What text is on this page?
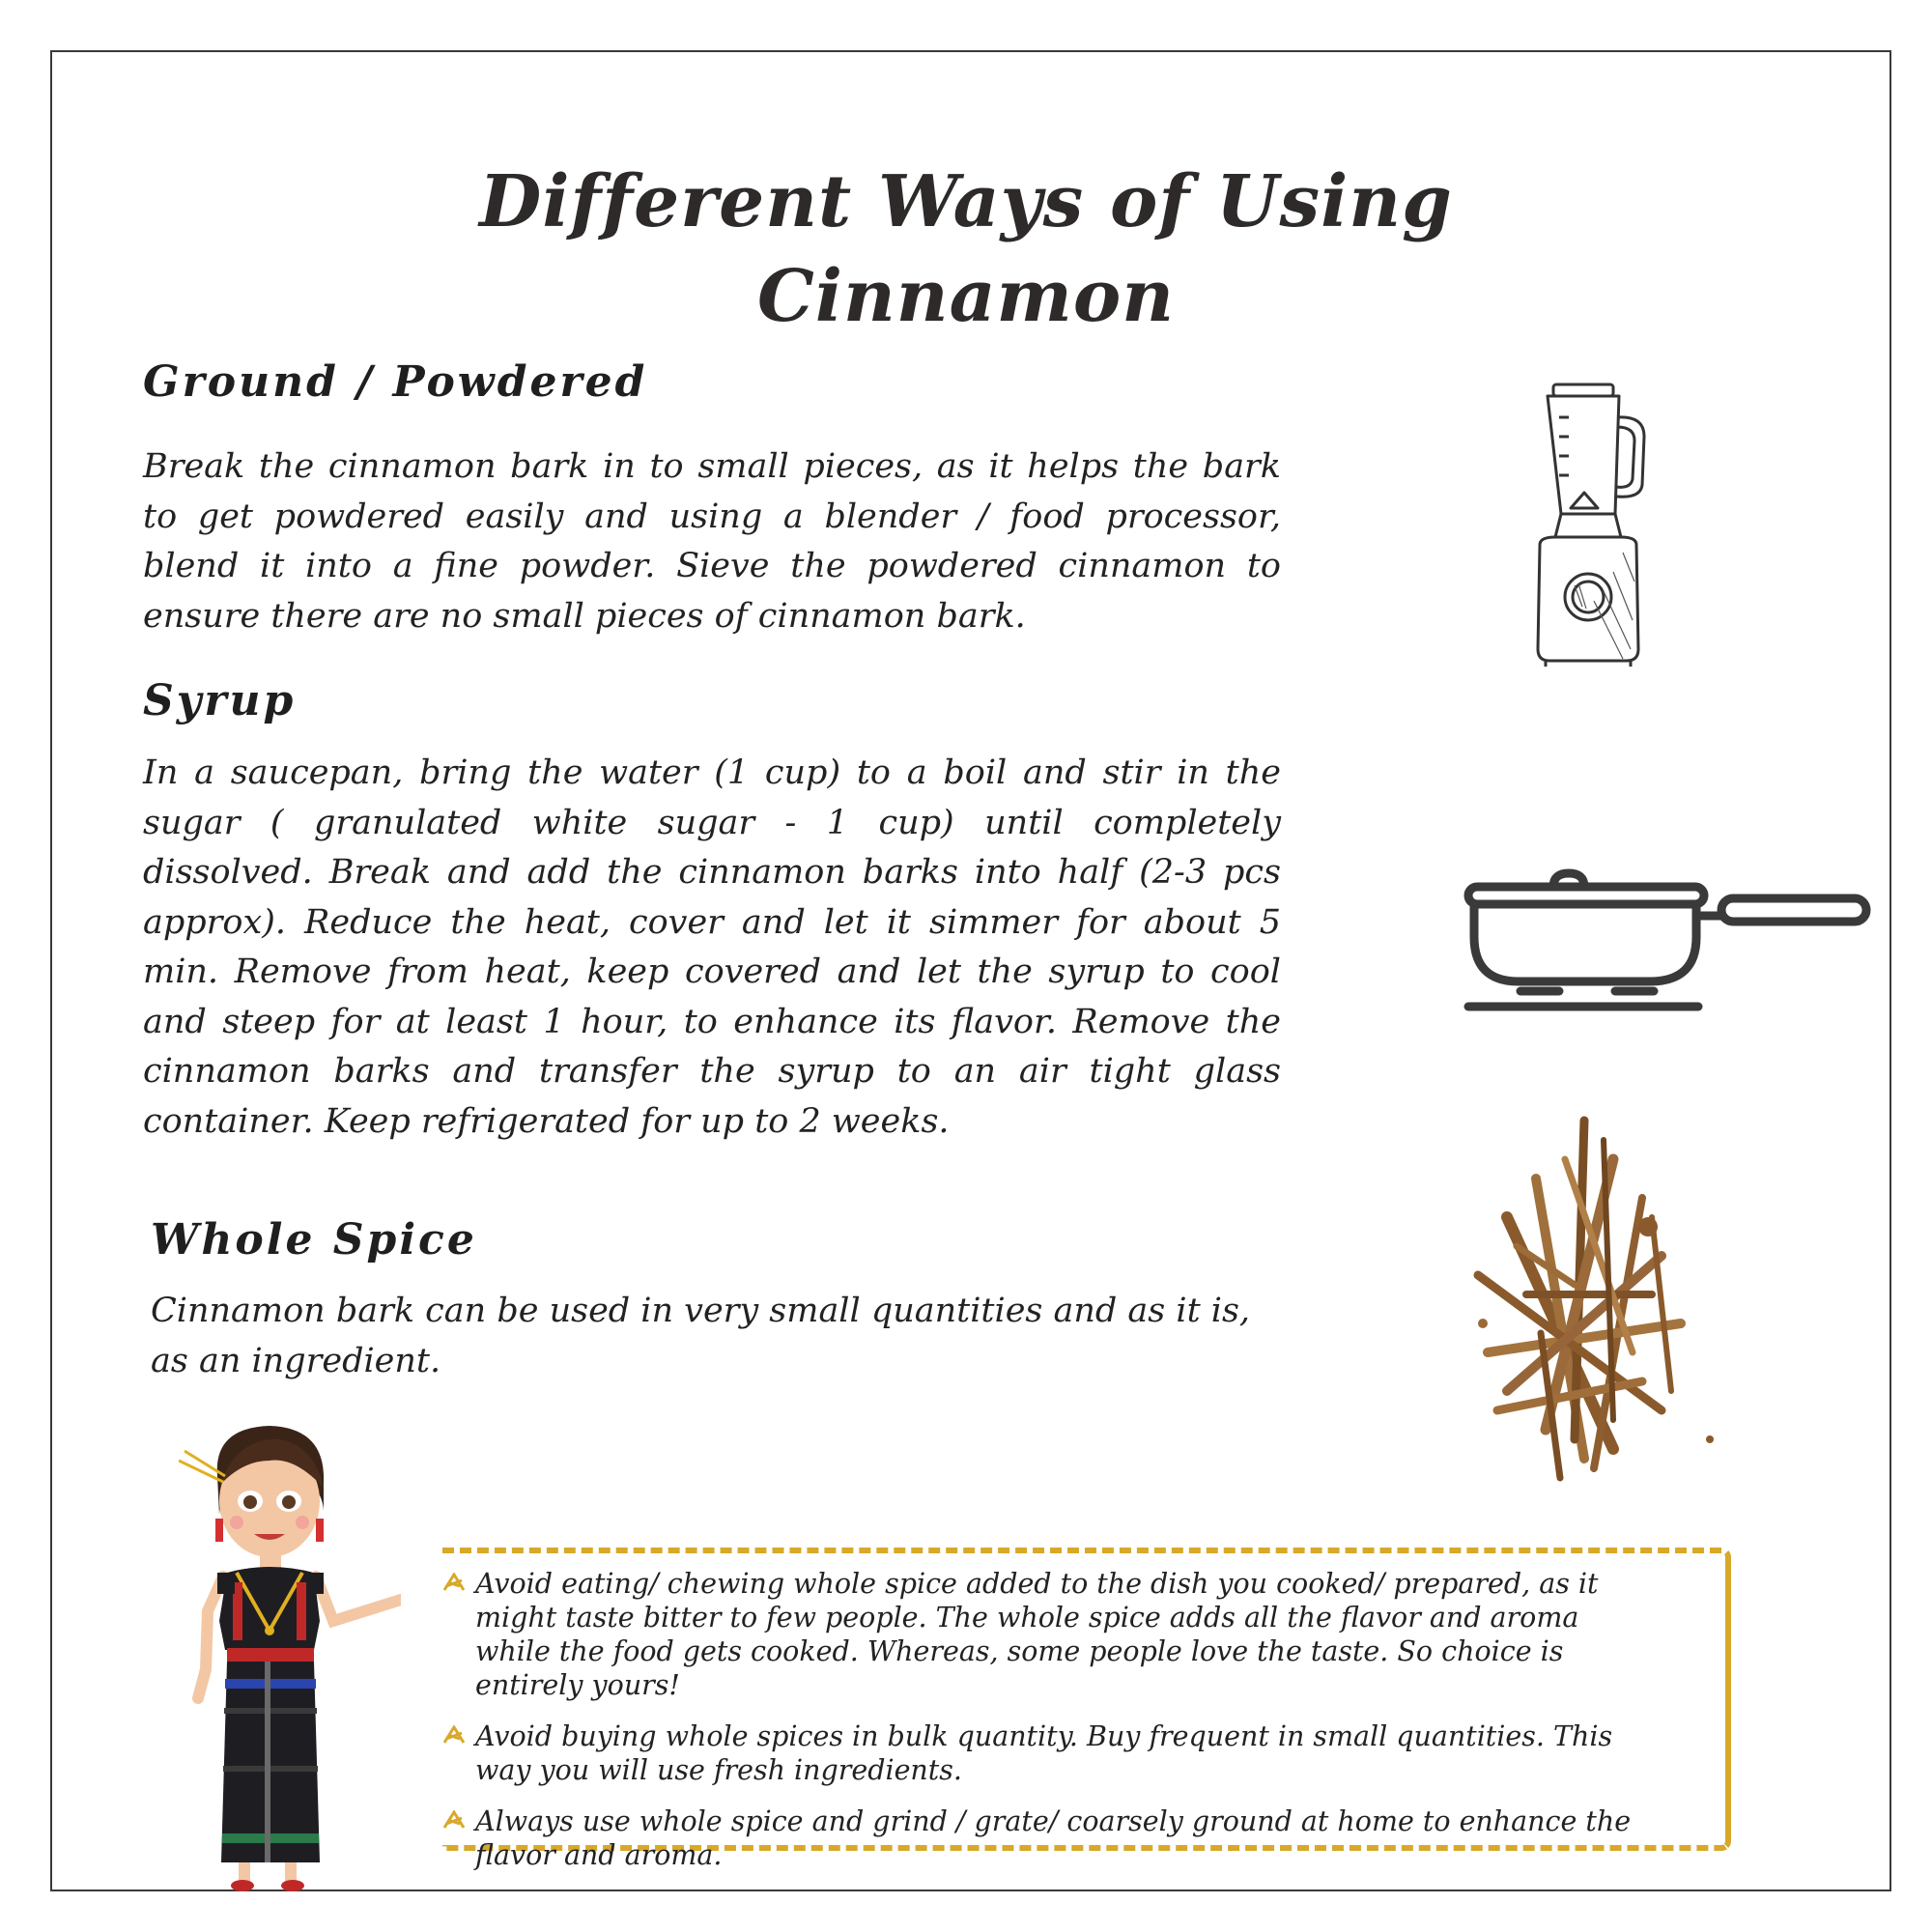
Different Ways of Using
Cinnamon
Ground / Powdered

Break the cinnamon bark in to small pieces, as it helps the bark to get powdered easily and using a blender / food processor, blend it into a fine powder. Sieve the powdered cinnamon to ensure there are no small pieces of cinnamon bark.

Syrup

In a saucepan, bring the water (1 cup) to a boil and stir in the sugar ( granulated white sugar - 1 cup) until completely dissolved. Break and add the cinnamon barks into half (2-3 pcs approx). Reduce the heat, cover and let it simmer for about 5 min. Remove from heat, keep covered and let the syrup to cool and steep for at least 1 hour, to enhance its flavor. Remove the cinnamon barks and transfer the syrup to an air tight glass container. Keep refrigerated for up to 2 weeks.

Whole Spice

Cinnamon bark can be used in very small quantities and as it is, as an ingredient.

Avoid eating/ chewing whole spice added to the dish you cooked/ prepared, as it might taste bitter to few people. The whole spice adds all the flavor and aroma while the food gets cooked. Whereas, some people love the taste. So choice is entirely yours!
Avoid buying whole spices in bulk quantity. Buy frequent in small quantities. This way you will use fresh ingredients.
Always use whole spice and grind / grate/ coarsely ground at home to enhance the flavor and aroma.
